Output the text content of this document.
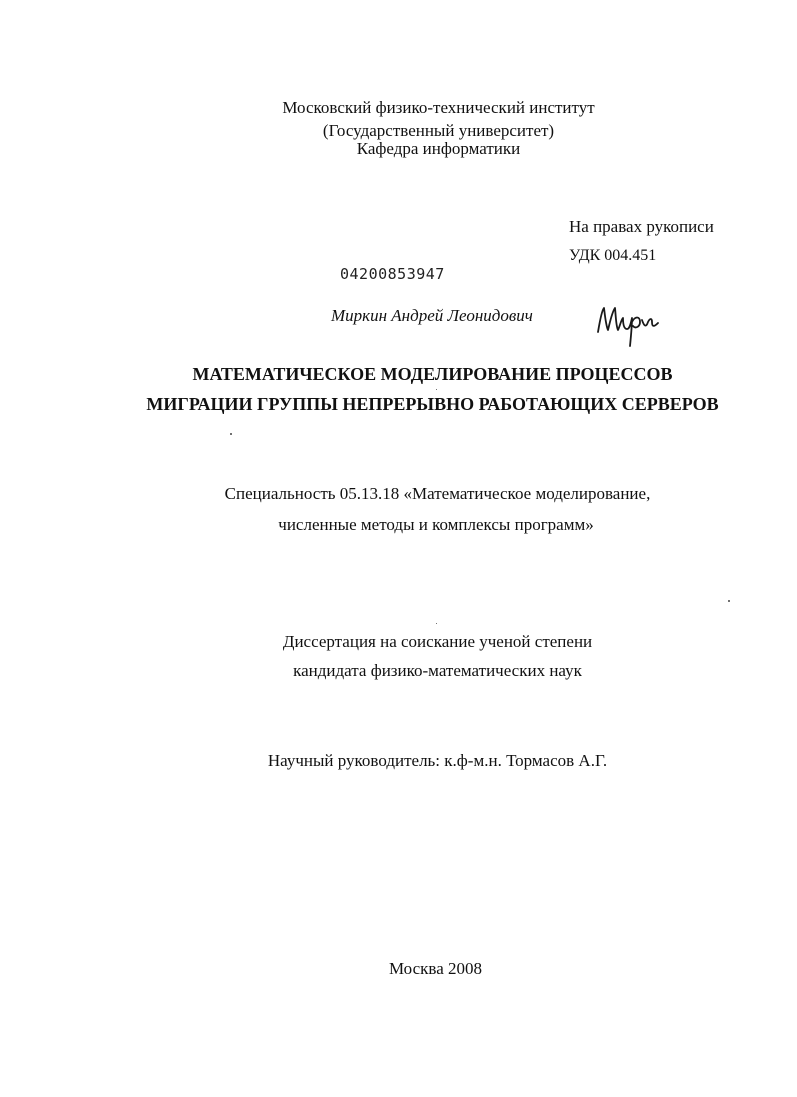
Московский физико-технический институт
(Государственный университет)
Кафедра информатики
На правах рукописи
УДК 004.451
04200853947
Миркин Андрей Леонидович
МАТЕМАТИЧЕСКОЕ МОДЕЛИРОВАНИЕ ПРОЦЕССОВ
МИГРАЦИИ ГРУППЫ НЕПРЕРЫВНО РАБОТАЮЩИХ СЕРВЕРОВ
Специальность 05.13.18 «Математическое моделирование,
численные методы и комплексы программ»
Диссертация на соискание ученой степени
кандидата физико-математических наук
Научный руководитель: к.ф-м.н. Тормасов А.Г.
Москва 2008
